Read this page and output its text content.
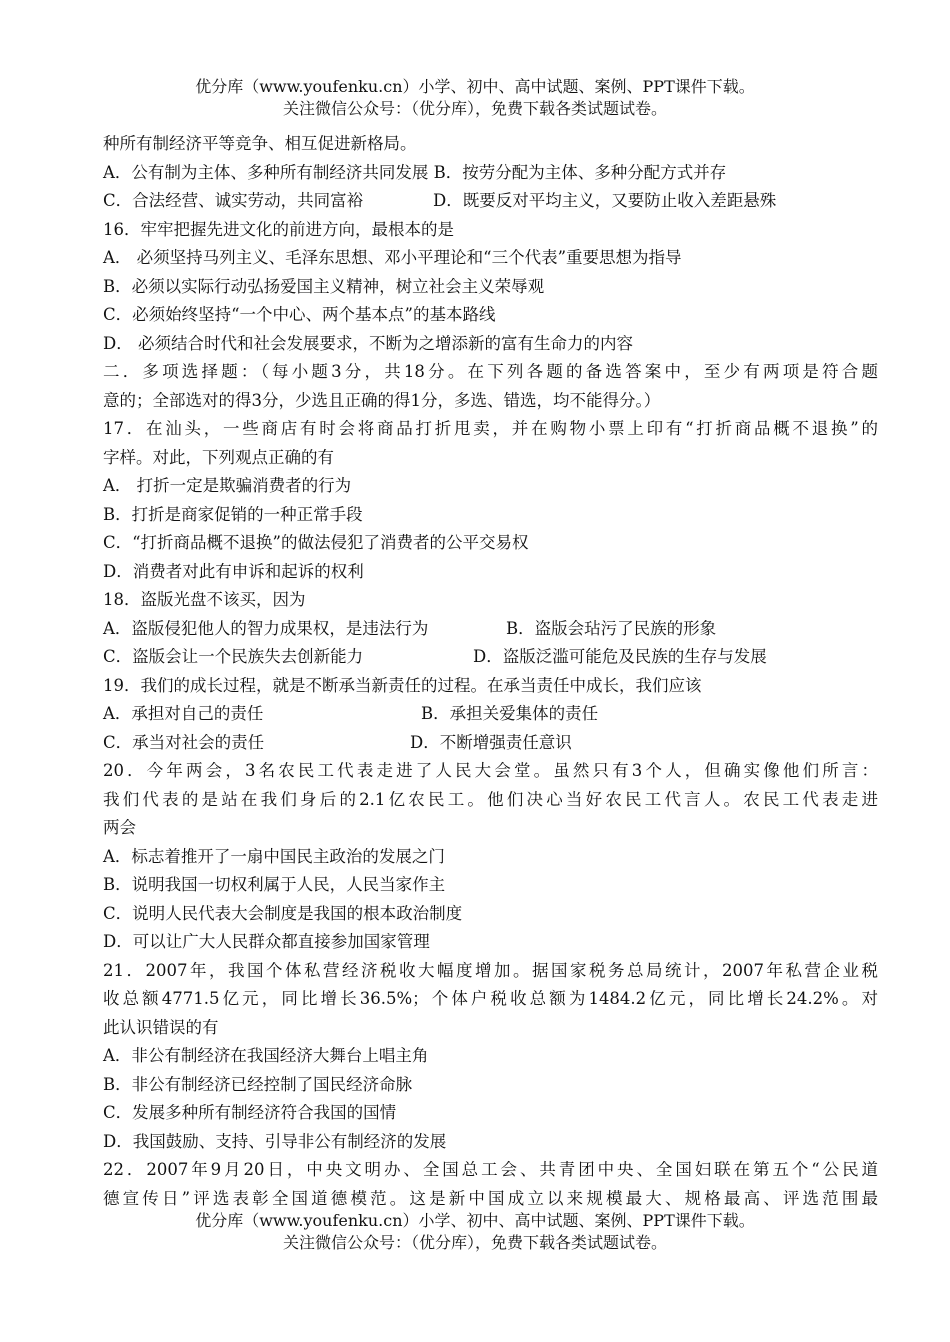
优分库（www.youfenku.cn）小学、初中、高中试题、案例、PPT课件下载。
关注微信公众号：（优分库），免费下载各类试题试卷。
种所有制经济平等竞争、相互促进新格局。
A．公有制为主体、多种所有制经济共同发展 B．按劳分配为主体、多种分配方式并存
C．合法经营、诚实劳动，共同富裕	D．既要反对平均主义，又要防止收入差距悬殊
16．牢牢把握先进文化的前进方向，最根本的是
A． 必须坚持马列主义、毛泽东思想、邓小平理论和“三个代表”重要思想为指导
B．必须以实际行动弘扬爱国主义精神，树立社会主义荣辱观
C．必须始终坚持“一个中心、两个基本点”的基本路线
D． 必须结合时代和社会发展要求，不断为之增添新的富有生命力的内容
二．多项选择题：（每小题3分，共18分。在下列各题的备选答案中，至少有两项是符合题
意的；全部选对的得3分，少选且正确的得1分，多选、错选，均不能得分。）
17．在汕头，一些商店有时会将商品打折甩卖，并在购物小票上印有“打折商品概不退换”的
字样。对此，下列观点正确的有
A． 打折一定是欺骗消费者的行为
B．打折是商家促销的一种正常手段
C．“打折商品概不退换”的做法侵犯了消费者的公平交易权
D．消费者对此有申诉和起诉的权利
18．盗版光盘不该买，因为
A．盗版侵犯他人的智力成果权，是违法行为	B．盗版会玷污了民族的形象
C．盗版会让一个民族失去创新能力	D．盗版泛滥可能危及民族的生存与发展
19．我们的成长过程，就是不断承当新责任的过程。在承当责任中成长，我们应该
A．承担对自己的责任	B．承担关爱集体的责任
C．承当对社会的责任	D．不断增强责任意识
20．今年两会，3名农民工代表走进了人民大会堂。虽然只有3个人，但确实像他们所言：
我们代表的是站在我们身后的2.1亿农民工。他们决心当好农民工代言人。农民工代表走进
两会
A．标志着推开了一扇中国民主政治的发展之门
B．说明我国一切权利属于人民，人民当家作主
C．说明人民代表大会制度是我国的根本政治制度
D．可以让广大人民群众都直接参加国家管理
21．2007年，我国个体私营经济税收大幅度增加。据国家税务总局统计，2007年私营企业税
收总额4771.5亿元，同比增长36.5%；个体户税收总额为1484.2亿元，同比增长24.2%。对
此认识错误的有
A．非公有制经济在我国经济大舞台上唱主角
B．非公有制经济已经控制了国民经济命脉
C．发展多种所有制经济符合我国的国情
D．我国鼓励、支持、引导非公有制经济的发展
22．2007年9月20日，中央文明办、全国总工会、共青团中央、全国妇联在第五个“公民道
德宣传日”评选表彰全国道德模范。这是新中国成立以来规模最大、规格最高、评选范围最
优分库（www.youfenku.cn）小学、初中、高中试题、案例、PPT课件下载。
关注微信公众号：（优分库），免费下载各类试题试卷。
